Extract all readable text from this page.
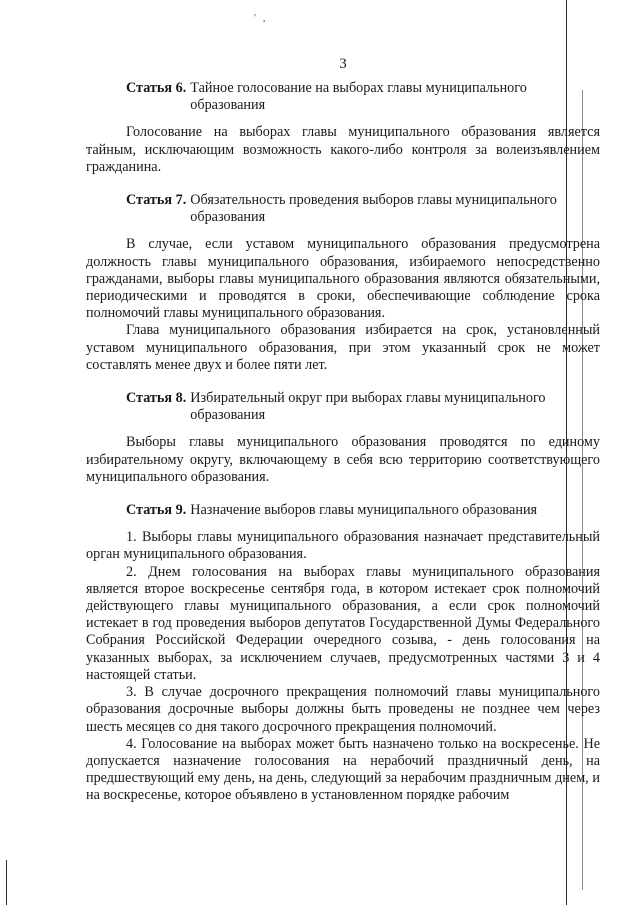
' ,
3
Статья 6. Тайное голосование на выборах главы муниципального образования

Голосование на выборах главы муниципального образования является тайным, исключающим возможность какого-либо контроля за волеизъявлением гражданина.

Статья 7. Обязательность проведения выборов главы муниципального образования

В случае, если уставом муниципального образования предусмотрена должность главы муниципального образования, избираемого непосредственно гражданами, выборы главы муниципального образования являются обязательными, периодическими и проводятся в сроки, обеспечивающие соблюдение срока полномочий главы муниципального образования.

Глава муниципального образования избирается на срок, установленный уставом муниципального образования, при этом указанный срок не может составлять менее двух и более пяти лет.

Статья 8. Избирательный округ при выборах главы муниципального образования

Выборы главы муниципального образования проводятся по единому избирательному округу, включающему в себя всю территорию соответствующего муниципального образования.

Статья 9. Назначение выборов главы муниципального образования

1. Выборы главы муниципального образования назначает представительный орган муниципального образования.

2. Днем голосования на выборах главы муниципального образования является второе воскресенье сентября года, в котором истекает срок полномочий действующего главы муниципального образования, а если срок полномочий истекает в год проведения выборов депутатов Государственной Думы Федерального Собрания Российской Федерации очередного созыва, - день голосования на указанных выборах, за исключением случаев, предусмотренных частями 3 и 4 настоящей статьи.

3. В случае досрочного прекращения полномочий главы муниципального образования досрочные выборы должны быть проведены не позднее чем через шесть месяцев со дня такого досрочного прекращения полномочий.

4. Голосование на выборах может быть назначено только на воскресенье. Не допускается назначение голосования на нерабочий праздничный день, на предшествующий ему день, на день, следующий за нерабочим праздничным днем, и на воскресенье, которое объявлено в установленном порядке рабочим
